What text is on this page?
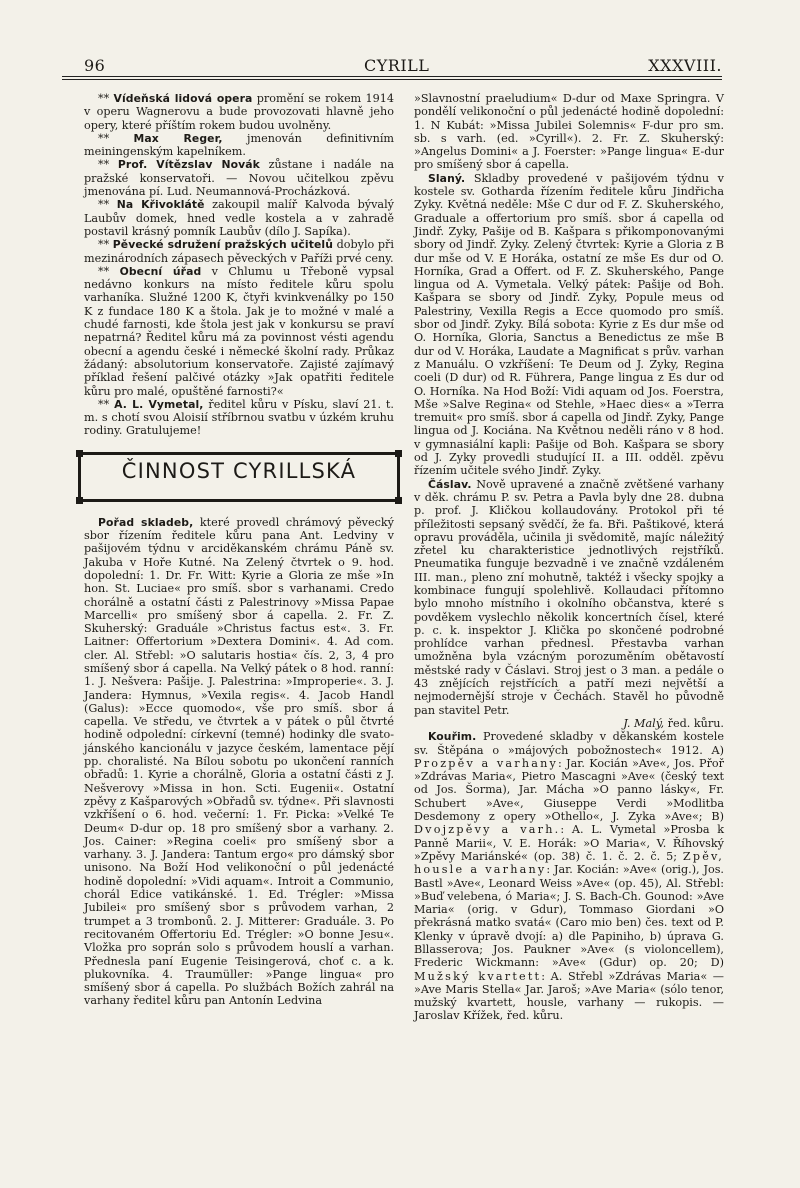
96	CYRILL	XXXVIII.

** Vídeňská lidová opera promění se rokem 1914 v operu Wagnerovu a bude provozovati hlavně jeho opery, které příštím rokem budou uvolněny.

** Max Reger, jmenován definitivním meiningenským kapelníkem.

** Prof. Vítězslav Novák zůstane i nadále na pražské konservatoři. — Novou učitelkou zpěvu jmenována pí. Lud. Neumannová-Procházková.

** Na Křivoklátě zakoupil malíř Kalvoda bývalý Laubův domek, hned vedle kostela a v zahradě postavil krásný pomník Laubův (dílo J. Sapíka).

** Pěvecké sdružení pražských učitelů dobylo při mezinárodních zápasech pěveckých v Paříži prvé ceny.

** Obecní úřad v Chlumu u Třeboně vypsal nedávno konkurs na místo ředitele kůru spolu varhaníka. Služné 1200 K, čtyři kvinkvenálky po 150 K z fundace 180 K a štola. Jak je to možné v malé a chudé farnosti, kde štola jest jak v konkursu se praví nepatrná? Ředitel kůru má za povinnost vésti agendu obecní a agendu české i německé školní rady. Průkaz žádaný: absolutorium konservatoře. Zajisté zajímavý příklad řešení palčivé otázky »Jak opatřiti ředitele kůru pro malé, opuštěné farnosti?«

** A. L. Vymetal, ředitel kůru v Písku, slaví 21. t. m. s chotí svou Aloisií stříbrnou svatbu v úzkém kruhu rodiny. Gratulujeme!

ČINNOST CYRILLSKÁ

Pořad skladeb, které provedl chrámový pěvecký sbor řízením ředitele kůru pana Ant. Ledviny v pašijovém týdnu v arciděkanském chrámu Páně sv. Jakuba v Hoře Kutné. Na Zelený čtvrtek o 9. hod. dopolední: 1. Dr. Fr. Witt: Kyrie a Gloria ze mše »In hon. St. Luciae« pro smíš. sbor s varhanami. Credo chorálně a ostatní části z Palestrinovy »Missa Papae Marcelli« pro smíšený sbor á capella. 2. Fr. Z. Skuherský: Graduále »Christus factus est«. 3. Fr. Laitner: Offertorium »Dextera Domini«. 4. Ad com. cler. Al. Střebl: »O salutaris hostia« čís. 2, 3, 4 pro smíšený sbor á capella. Na Velký pátek o 8 hod. ranní: 1. J. Nešvera: Pašije. J. Palestrina: »Improperie«. 3. J. Jandera: Hymnus, »Vexila regis«. 4. Jacob Handl (Galus): »Ecce quomodo«, vše pro smíš. sbor á capella. Ve středu, ve čtvrtek a v pátek o půl čtvrté hodině odpolední: církevní (temné) hodinky dle svato-jánského kancionálu v jazyce českém, lamentace pějí pp. choralisté. Na Bílou sobotu po ukončení ranních obřadů: 1. Kyrie a chorálně, Gloria a ostatní části z J. Nešverovy »Missa in hon. Scti. Eugenii«. Ostatní zpěvy z Kašparových »Obřadů sv. týdne«. Při slavnosti vzkříšení o 6. hod. večerní: 1. Fr. Picka: »Velké Te Deum« D-dur op. 18 pro smíšený sbor a varhany. 2. Jos. Cainer: »Regina coeli« pro smíšený sbor a varhany. 3. J. Jandera: Tantum ergo« pro dámský sbor unisono. Na Boží Hod velikonoční o půl jedenácté hodině dopolední: »Vidi aquam«. Introit a Communio, chorál Edice vatikánské. 1. Ed. Trégler: »Missa Jubilei« pro smíšený sbor s průvodem varhan, 2 trumpet a 3 trombonů. 2. J. Mitterer: Graduále. 3. Po recitovaném Offertoriu Ed. Trégler: »O bonne Jesu«. Vložka pro soprán solo s průvodem houslí a varhan. Přednesla paní Eugenie Teisingerová, choť c. a k. plukovníka. 4. Traumüller: »Pange lingua« pro smíšený sbor á capella. Po službách Božích zahrál na varhany ředitel kůru pan Antonín Ledvina

»Slavnostní praeludium« D-dur od Maxe Springra. V pondělí velikonoční o půl jedenácté hodině dopolední: 1. N Kubát: »Missa Jubilei Solemnis« F-dur pro sm. sb. s varh. (ed. »Cyrill«). 2. Fr. Z. Skuherský: »Angelus Domini« a J. Foerster: »Pange lingua« E-dur pro smíšený sbor á capella.

Slaný. Skladby provedené v pašijovém týdnu v kostele sv. Gotharda řízením ředitele kůru Jindřicha Zyky. Květná neděle: Mše C dur od F. Z. Skuherského, Graduale a offertorium pro smíš. sbor á capella od Jindř. Zyky, Pašije od B. Kašpara s přikomponovanými sbory od Jindř. Zyky. Zelený čtvrtek: Kyrie a Gloria z B dur mše od V. E Horáka, ostatní ze mše Es dur od O. Horníka, Grad a Offert. od F. Z. Skuherského, Pange lingua od A. Vymetala. Velký pátek: Pašije od Boh. Kašpara se sbory od Jindř. Zyky, Popule meus od Palestriny, Vexilla Regis a Ecce quomodo pro smíš. sbor od Jindř. Zyky. Bílá sobota: Kyrie z Es dur mše od O. Horníka, Gloria, Sanctus a Benedictus ze mše B dur od V. Horáka, Laudate a Magnificat s prův. varhan z Manuálu. O vzkříšení: Te Deum od J. Zyky, Regina coeli (D dur) od R. Führera, Pange lingua z Es dur od O. Horníka. Na Hod Boží: Vidi aquam od Jos. Foerstra, Mše »Salve Regina« od Stehle, »Haec dies« a »Terra tremuit« pro smíš. sbor á capella od Jindř. Zyky, Pange lingua od J. Kociána. Na Květnou neděli ráno v 8 hod. v gymnasiální kapli: Pašije od Boh. Kašpara se sbory od J. Zyky provedli studující II. a III. odděl. zpěvu řízením učitele svého Jindř. Zyky.

Čáslav. Nově upravené a značně zvětšené varhany v děk. chrámu P. sv. Petra a Pavla byly dne 28. dubna p. prof. J. Kličkou kollaudovány. Protokol při té příležitosti sepsaný svědčí, že fa. Bři. Paštikové, která opravu prováděla, učinila ji svědomitě, majíc náležitý zřetel ku charakteristice jednotlivých rejstříků. Pneumatika funguje bezvadně i ve značně vzdáleném III. man., pleno zní mohutně, taktéž i všecky spojky a kombinace fungují spolehlivě. Kollaudaci přítomno bylo mnoho místního i okolního občanstva, které s povděkem vyslechlo několik koncertních čísel, které p. c. k. inspektor J. Klička po skončené podrobné prohlídce varhan přednesl. Přestavba varhan umožněna byla vzácným porozuměním obětavostí městské rady v Čáslavi. Stroj jest o 3 man. a pedále o 43 znějících rejstřících a patří mezi největší a nejmodernější stroje v Čechách. Stavěl ho původně pan stavitel Petr.

J. Malý, řed. kůru.

Kouřim. Provedené skladby v děkanském kostele sv. Štěpána o »májových pobožnostech« 1912. A) Prozpěv a varhany: Jar. Kocián »Ave«, Jos. Přoř »Zdrávas Maria«, Pietro Mascagni »Ave« (český text od Jos. Šorma), Jar. Mácha »O panno lásky«, Fr. Schubert »Ave«, Giuseppe Verdi »Modlitba Desdemony z opery »Othello«, J. Zyka »Ave«; B) Dvojzpěvy a varh.: A. L. Vymetal »Prosba k Panně Marii«, V. E. Horák: »O Maria«, V. Říhovský »Zpěvy Mariánské« (op. 38) č. 1. č. 2. č. 5; Zpěv, housle a varhany: Jar. Kocián: »Ave« (orig.), Jos. Bastl »Ave«, Leonard Weiss »Ave« (op. 45), Al. Střebl: »Buď velebena, ó Maria«; J. S. Bach-Ch. Gounod: »Ave Maria« (orig. v Gdur), Tommaso Giordani »O překrásná matko svatá« (Caro mio ben) čes. text od P. Klenky v úpravě dvojí: a) dle Papiniho, b) úprava G. Bllasserova; Jos. Paukner »Ave« (s violoncellem), Frederic Wickmann: »Ave« (Gdur) op. 20; D) Mužský kvartett: A. Střebl »Zdrávas Maria« — »Ave Maris Stella« Jar. Jaroš; »Ave Maria« (sólo tenor, mužský kvartett, housle, varhany — rukopis. — Jaroslav Křížek, řed. kůru.
